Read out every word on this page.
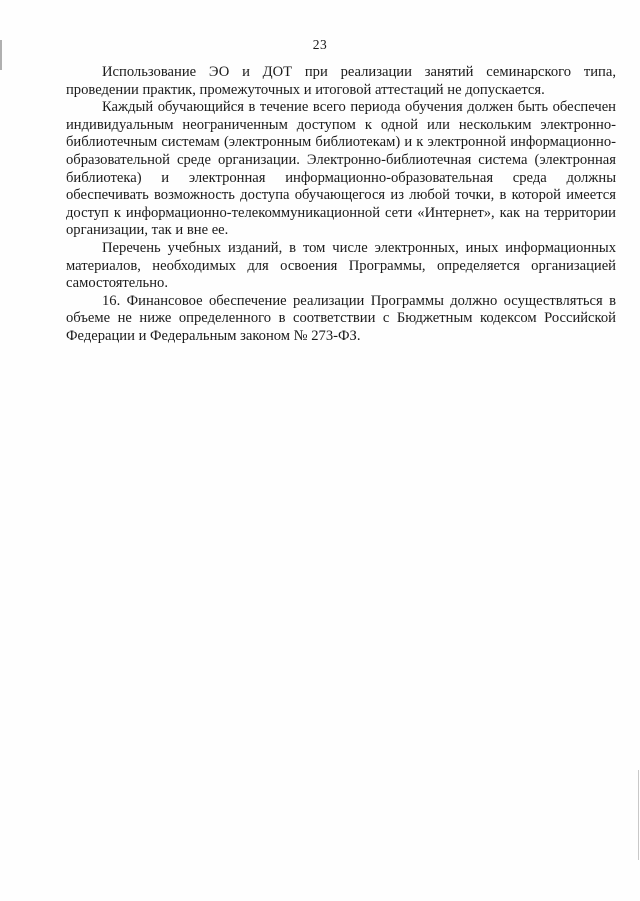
23

Использование ЭО и ДОТ при реализации занятий семинарского типа, проведении практик, промежуточных и итоговой аттестаций не допускается.

Каждый обучающийся в течение всего периода обучения должен быть обеспечен индивидуальным неограниченным доступом к одной или нескольким электронно-библиотечным системам (электронным библиотекам) и к электронной информационно-образовательной среде организации. Электронно-библиотечная система (электронная библиотека) и электронная информационно-образовательная среда должны обеспечивать возможность доступа обучающегося из любой точки, в которой имеется доступ к информационно-телекоммуникационной сети «Интернет», как на территории организации, так и вне ее.

Перечень учебных изданий, в том числе электронных, иных информационных материалов, необходимых для освоения Программы, определяется организацией самостоятельно.

16. Финансовое обеспечение реализации Программы должно осуществляться в объеме не ниже определенного в соответствии с Бюджетным кодексом Российской Федерации и Федеральным законом № 273-ФЗ.
